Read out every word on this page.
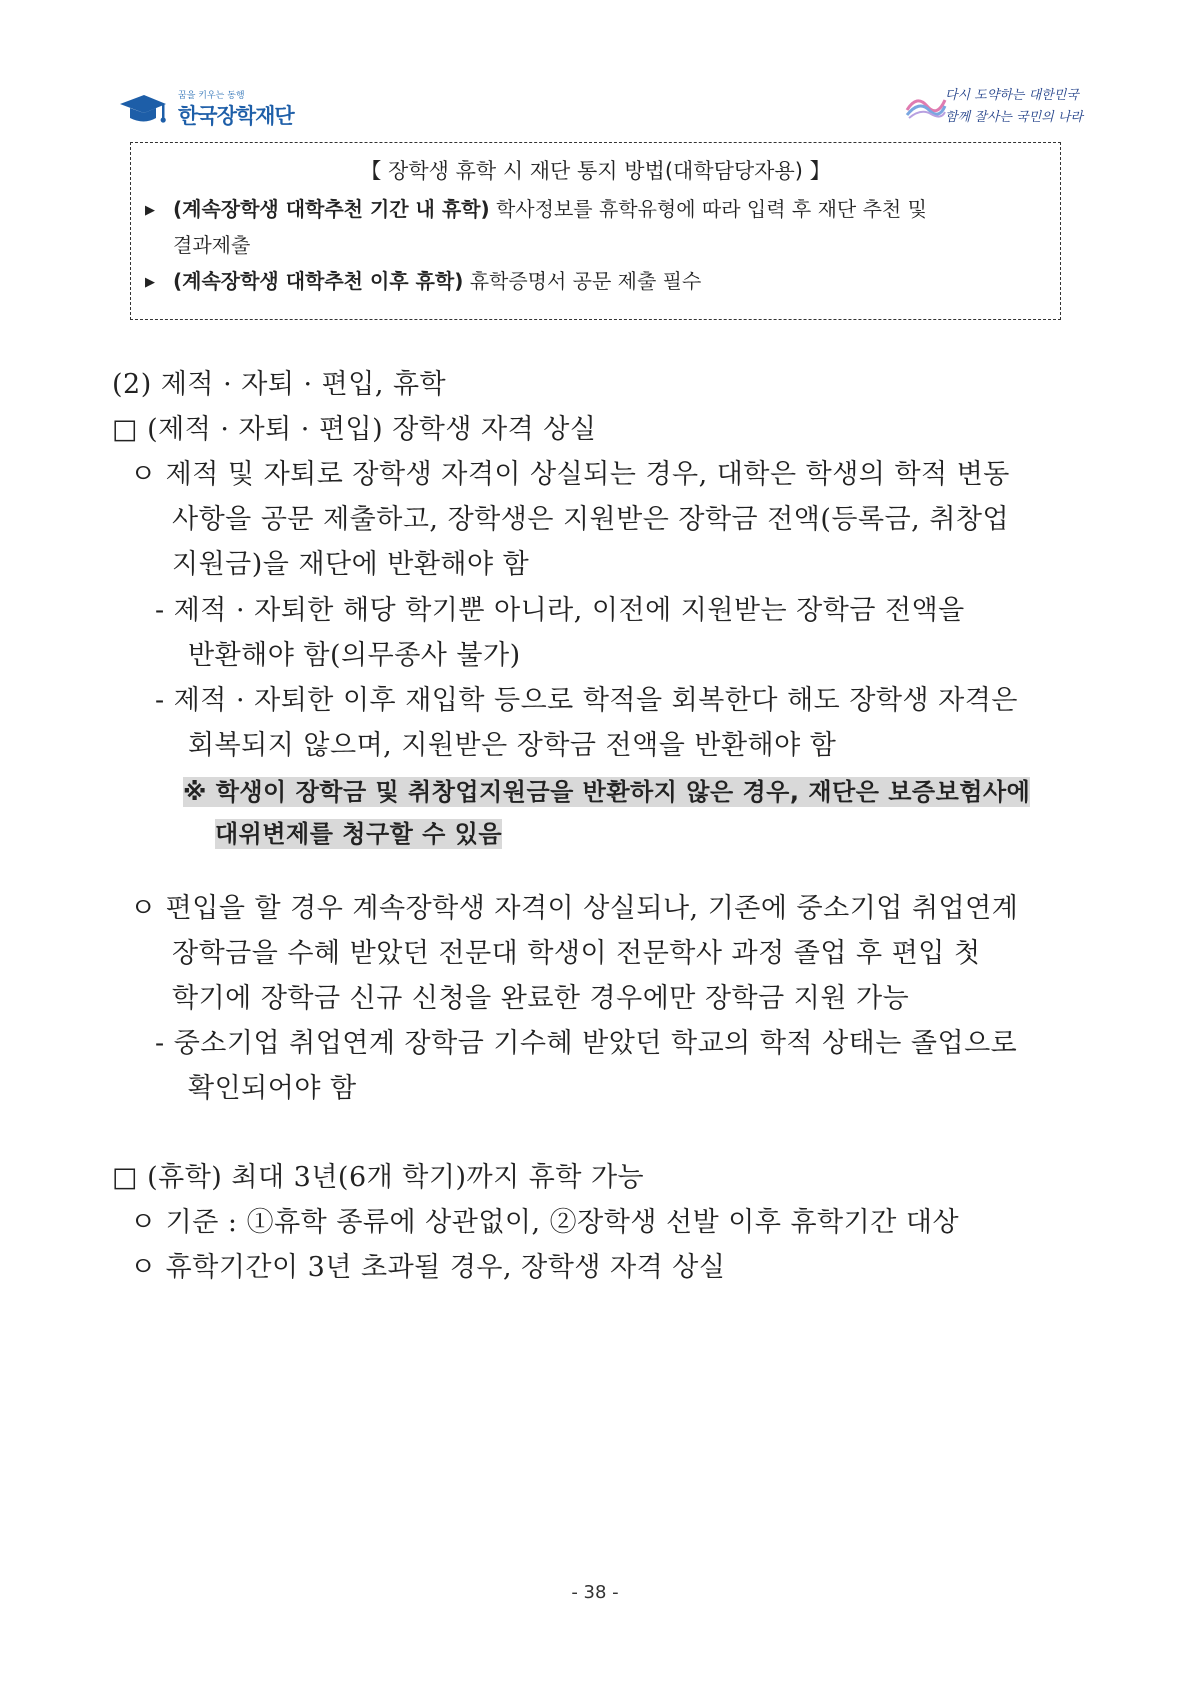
꿈을 키우는 동행
한국장학재단
다시 도약하는 대한민국
함께 잘사는 국민의 나라
【 장학생 휴학 시 재단 통지 방법(대학담당자용) 】
▶ (계속장학생 대학추천 기간 내 휴학) 학사정보를 휴학유형에 따라 입력 후 재단 추천 및
결과제출
▶ (계속장학생 대학추천 이후 휴학) 휴학증명서 공문 제출 필수
(2) 제적 · 자퇴 · 편입, 휴학
□ (제적 · 자퇴 · 편입) 장학생 자격 상실
ㅇ 제적 및 자퇴로 장학생 자격이 상실되는 경우, 대학은 학생의 학적 변동
사항을 공문 제출하고, 장학생은 지원받은 장학금 전액(등록금, 취창업
지원금)을 재단에 반환해야 함
- 제적 · 자퇴한 해당 학기뿐 아니라, 이전에 지원받는 장학금 전액을
반환해야 함(의무종사 불가)
- 제적 · 자퇴한 이후 재입학 등으로 학적을 회복한다 해도 장학생 자격은
회복되지 않으며, 지원받은 장학금 전액을 반환해야 함
※ 학생이 장학금 및 취창업지원금을 반환하지 않은 경우, 재단은 보증보험사에
대위변제를 청구할 수 있음
ㅇ 편입을 할 경우 계속장학생 자격이 상실되나, 기존에 중소기업 취업연계
장학금을 수혜 받았던 전문대 학생이 전문학사 과정 졸업 후 편입 첫
학기에 장학금 신규 신청을 완료한 경우에만 장학금 지원 가능
- 중소기업 취업연계 장학금 기수혜 받았던 학교의 학적 상태는 졸업으로
확인되어야 함
□ (휴학) 최대 3년(6개 학기)까지 휴학 가능
ㅇ 기준 : ①휴학 종류에 상관없이, ②장학생 선발 이후 휴학기간 대상
ㅇ 휴학기간이 3년 초과될 경우, 장학생 자격 상실
- 38 -
